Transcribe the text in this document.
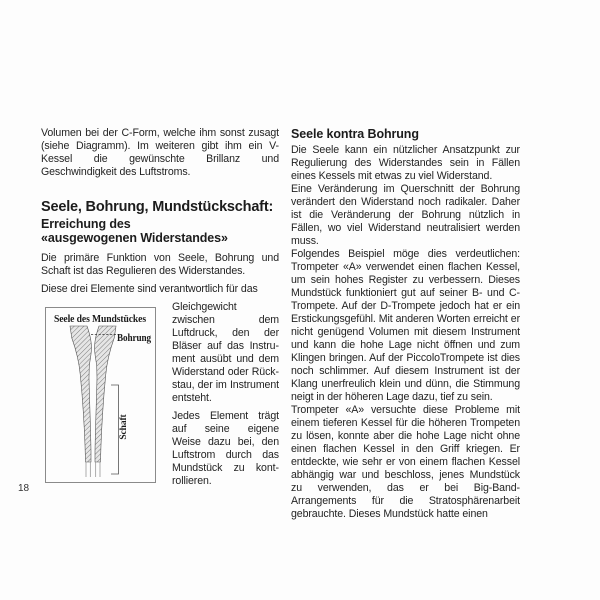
Volumen bei der C-Form, welche ihm sonst zusagt (siehe Diagramm). Im weiteren gibt ihm ein V-Kessel die gewünschte Brillanz und Geschwindigkeit des Luftstroms.

Seele, Bohrung, Mundstückschaft:
Erreichung des
«ausgewogenen Widerstandes»

Die primäre Funktion von Seele, Bohrung und Schaft ist das Regulieren des Widerstandes.

Diese drei Elemente sind verantwortlich für das

Seele des Mundstückes
Bohrung
Schaft

Gleichgewicht zwischen dem Luftdruck, den der Bläser auf das Instrument ausübt und dem Widerstand oder Rückstau, der im Instrument entsteht.

Jedes Element trägt auf seine eigene Weise dazu bei, den Luftstrom durch das Mundstück zu kontrollieren.

Seele kontra Bohrung

Die Seele kann ein nützlicher Ansatzpunkt zur Regulierung des Widerstandes sein in Fällen eines Kessels mit etwas zu viel Widerstand.

Eine Veränderung im Querschnitt der Bohrung verändert den Widerstand noch radikaler. Daher ist die Veränderung der Bohrung nützlich in Fällen, wo viel Widerstand neutralisiert werden muss.

Folgendes Beispiel möge dies verdeutlichen: Trompeter «A» verwendet einen flachen Kessel, um sein hohes Register zu verbessern. Dieses Mundstück funktioniert gut auf seiner B- und C-Trompete. Auf der D-Trompete jedoch hat er ein Erstickungsgefühl. Mit anderen Worten erreicht er nicht genügend Volumen mit diesem Instrument und kann die hohe Lage nicht öffnen und zum Klingen bringen. Auf der PiccoloTrompete ist dies noch schlimmer. Auf diesem Instrument ist der Klang unerfreulich klein und dünn, die Stimmung neigt in der höheren Lage dazu, tief zu sein.

Trompeter «A» versuchte diese Probleme mit einem tieferen Kessel für die höheren Trompeten zu lösen, konnte aber die hohe Lage nicht ohne einen flachen Kessel in den Griff kriegen. Er entdeckte, wie sehr er von einem flachen Kessel abhängig war und beschloss, jenes Mundstück zu verwenden, das er bei Big-Band-Arrangements für die Stratosphärenarbeit gebrauchte. Dieses Mundstück hatte einen

18
